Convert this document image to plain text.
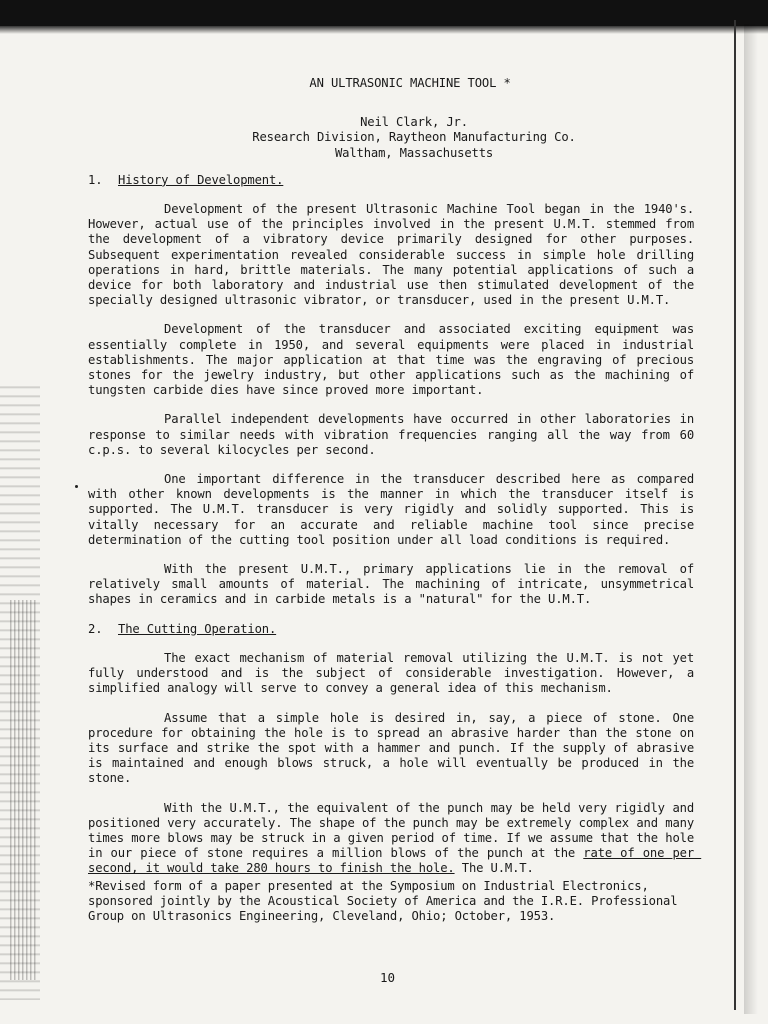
AN ULTRASONIC MACHINE TOOL *
Neil Clark, Jr.
Research Division, Raytheon Manufacturing Co.
Waltham, Massachusetts
1. History of Development.

Development of the present Ultrasonic Machine Tool began in the 1940's. However, actual use of the principles involved in the present U.M.T. stemmed from the development of a vibratory device primarily designed for other purposes. Subsequent experimentation revealed considerable success in simple hole drilling operations in hard, brittle materials. The many potential applications of such a device for both laboratory and industrial use then stimulated development of the specially designed ultrasonic vibrator, or transducer, used in the present U.M.T.

Development of the transducer and associated exciting equipment was essentially complete in 1950, and several equipments were placed in industrial establishments. The major application at that time was the engraving of precious stones for the jewelry industry, but other applications such as the machining of tungsten carbide dies have since proved more important.

Parallel independent developments have occurred in other laboratories in response to similar needs with vibration frequencies ranging all the way from 60 c.p.s. to several kilocycles per second.

One important difference in the transducer described here as compared with other known developments is the manner in which the transducer itself is supported. The U.M.T. transducer is very rigidly and solidly supported. This is vitally necessary for an accurate and reliable machine tool since precise determination of the cutting tool position under all load conditions is required.

With the present U.M.T., primary applications lie in the removal of relatively small amounts of material. The machining of intricate, unsymmetrical shapes in ceramics and in carbide metals is a "natural" for the U.M.T.

2. The Cutting Operation.

The exact mechanism of material removal utilizing the U.M.T. is not yet fully understood and is the subject of considerable investigation. However, a simplified analogy will serve to convey a general idea of this mechanism.

Assume that a simple hole is desired in, say, a piece of stone. One procedure for obtaining the hole is to spread an abrasive harder than the stone on its surface and strike the spot with a hammer and punch. If the supply of abrasive is maintained and enough blows struck, a hole will eventually be produced in the stone.

With the U.M.T., the equivalent of the punch may be held very rigidly and positioned very accurately. The shape of the punch may be extremely complex and many times more blows may be struck in a given period of time. If we assume that the hole in our piece of stone requires a million blows of the punch at the rate of one per second, it would take 280 hours to finish the hole. The U.M.T.

*Revised form of a paper presented at the Symposium on Industrial Electronics, sponsored jointly by the Acoustical Society of America and the I.R.E. Professional Group on Ultrasonics Engineering, Cleveland, Ohio; October, 1953.
10
